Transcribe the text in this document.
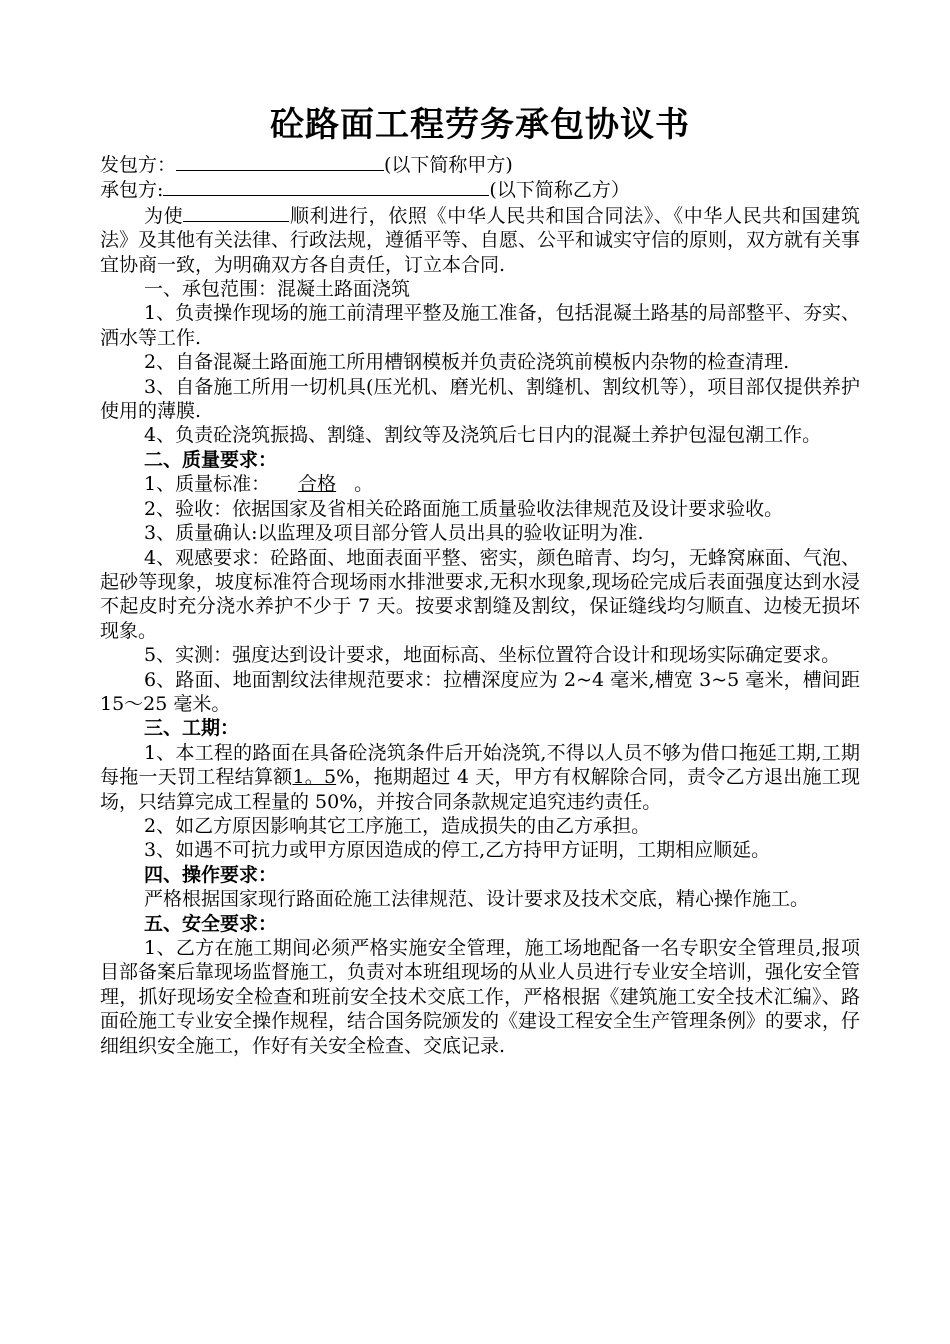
砼路面工程劳务承包协议书

发包方：	(以下简称甲方)

承包方:	(以下简称乙方）

为使	顺利进行，依照《中华人民共和国合同法》、《中华人民共和国建筑法》及其他有关法律、行政法规，遵循平等、自愿、公平和诚实守信的原则，双方就有关事宜协商一致，为明确双方各自责任，订立本合同.

一、承包范围：混凝土路面浇筑

1、负责操作现场的施工前清理平整及施工准备，包括混凝土路基的局部整平、夯实、洒水等工作.

2、自备混凝土路面施工所用槽钢模板并负责砼浇筑前模板内杂物的检查清理.

3、自备施工所用一切机具(压光机、磨光机、割缝机、割纹机等），项目部仅提供养护使用的薄膜.

4、负责砼浇筑振捣、割缝、割纹等及浇筑后七日内的混凝土养护包湿包潮工作。

二、质量要求：

1、质量标准： 合格 。

2、验收：依据国家及省相关砼路面施工质量验收法律规范及设计要求验收。

3、质量确认:以监理及项目部分管人员出具的验收证明为准.

4、观感要求：砼路面、地面表面平整、密实，颜色暗青、均匀，无蜂窝麻面、气泡、起砂等现象，坡度标准符合现场雨水排泄要求,无积水现象,现场砼完成后表面强度达到水浸不起皮时充分浇水养护不少于 7 天。按要求割缝及割纹，保证缝线均匀顺直、边棱无损坏现象。

5、实测：强度达到设计要求，地面标高、坐标位置符合设计和现场实际确定要求。

6、路面、地面割纹法律规范要求：拉槽深度应为 2~4 毫米,槽宽 3~5 毫米，槽间距 15～25 毫米。

三、工期：

1、本工程的路面在具备砼浇筑条件后开始浇筑,不得以人员不够为借口拖延工期,工期每拖一天罚工程结算额1。5%，拖期超过 4 天，甲方有权解除合同，责令乙方退出施工现场，只结算完成工程量的 50%，并按合同条款规定追究违约责任。

2、如乙方原因影响其它工序施工，造成损失的由乙方承担。

3、如遇不可抗力或甲方原因造成的停工,乙方持甲方证明，工期相应顺延。

四、操作要求：

严格根据国家现行路面砼施工法律规范、设计要求及技术交底，精心操作施工。

五、安全要求：

1、乙方在施工期间必须严格实施安全管理，施工场地配备一名专职安全管理员,报项目部备案后靠现场监督施工，负责对本班组现场的从业人员进行专业安全培训，强化安全管理，抓好现场安全检查和班前安全技术交底工作，严格根据《建筑施工安全技术汇编》、路面砼施工专业安全操作规程，结合国务院颁发的《建设工程安全生产管理条例》的要求，仔细组织安全施工，作好有关安全检查、交底记录.
